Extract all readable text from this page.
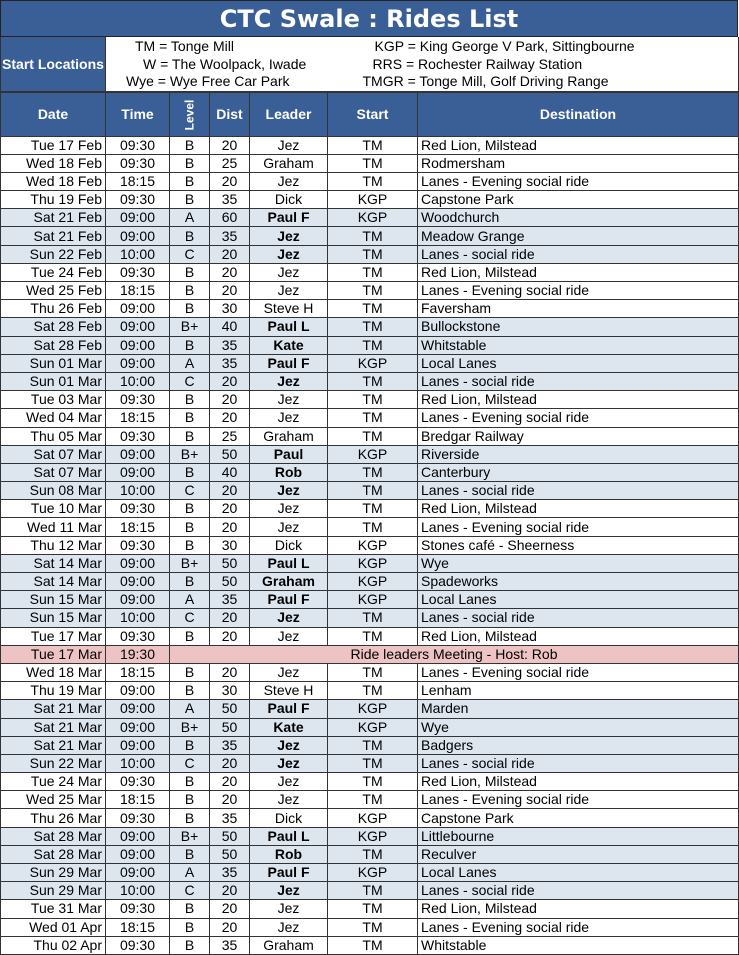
CTC Swale : Rides List
Start Locations	TM = Tonge Mill	KGP = King George V Park, Sittingbourne
	W = The Woolpack, Iwade	RRS = Rochester Railway Station
	Wye = Wye Free Car Park	TMGR = Tonge Mill, Golf Driving Range
Date	Time	Level	Dist	Leader	Start	Destination
Tue 17 Feb	09:30	B	20	Jez	TM	Red Lion, Milstead
Wed 18 Feb	09:30	B	25	Graham	TM	Rodmersham
Wed 18 Feb	18:15	B	20	Jez	TM	Lanes - Evening social ride
Thu 19 Feb	09:30	B	35	Dick	KGP	Capstone Park
Sat 21 Feb	09:00	A	60	Paul F	KGP	Woodchurch
Sat 21 Feb	09:00	B	35	Jez	TM	Meadow Grange
Sun 22 Feb	10:00	C	20	Jez	TM	Lanes - social ride
Tue 24 Feb	09:30	B	20	Jez	TM	Red Lion, Milstead
Wed 25 Feb	18:15	B	20	Jez	TM	Lanes - Evening social ride
Thu 26 Feb	09:00	B	30	Steve H	TM	Faversham
Sat 28 Feb	09:00	B+	40	Paul L	TM	Bullockstone
Sat 28 Feb	09:00	B	35	Kate	TM	Whitstable
Sun 01 Mar	09:00	A	35	Paul F	KGP	Local Lanes
Sun 01 Mar	10:00	C	20	Jez	TM	Lanes - social ride
Tue 03 Mar	09:30	B	20	Jez	TM	Red Lion, Milstead
Wed 04 Mar	18:15	B	20	Jez	TM	Lanes - Evening social ride
Thu 05 Mar	09:30	B	25	Graham	TM	Bredgar Railway
Sat 07 Mar	09:00	B+	50	Paul	KGP	Riverside
Sat 07 Mar	09:00	B	40	Rob	TM	Canterbury
Sun 08 Mar	10:00	C	20	Jez	TM	Lanes - social ride
Tue 10 Mar	09:30	B	20	Jez	TM	Red Lion, Milstead
Wed 11 Mar	18:15	B	20	Jez	TM	Lanes - Evening social ride
Thu 12 Mar	09:30	B	30	Dick	KGP	Stones café - Sheerness
Sat 14 Mar	09:00	B+	50	Paul L	KGP	Wye
Sat 14 Mar	09:00	B	50	Graham	KGP	Spadeworks
Sun 15 Mar	09:00	A	35	Paul F	KGP	Local Lanes
Sun 15 Mar	10:00	C	20	Jez	TM	Lanes - social ride
Tue 17 Mar	09:30	B	20	Jez	TM	Red Lion, Milstead
Tue 17 Mar	19:30	Ride leaders Meeting - Host: Rob				
Wed 18 Mar	18:15	B	20	Jez	TM	Lanes - Evening social ride
Thu 19 Mar	09:00	B	30	Steve H	TM	Lenham
Sat 21 Mar	09:00	A	50	Paul F	KGP	Marden
Sat 21 Mar	09:00	B+	50	Kate	KGP	Wye
Sat 21 Mar	09:00	B	35	Jez	TM	Badgers
Sun 22 Mar	10:00	C	20	Jez	TM	Lanes - social ride
Tue 24 Mar	09:30	B	20	Jez	TM	Red Lion, Milstead
Wed 25 Mar	18:15	B	20	Jez	TM	Lanes - Evening social ride
Thu 26 Mar	09:30	B	35	Dick	KGP	Capstone Park
Sat 28 Mar	09:00	B+	50	Paul L	KGP	Littlebourne
Sat 28 Mar	09:00	B	50	Rob	TM	Reculver
Sun 29 Mar	09:00	A	35	Paul F	KGP	Local Lanes
Sun 29 Mar	10:00	C	20	Jez	TM	Lanes - social ride
Tue 31 Mar	09:30	B	20	Jez	TM	Red Lion, Milstead
Wed 01 Apr	18:15	B	20	Jez	TM	Lanes - Evening social ride
Thu 02 Apr	09:30	B	35	Graham	TM	Whitstable
